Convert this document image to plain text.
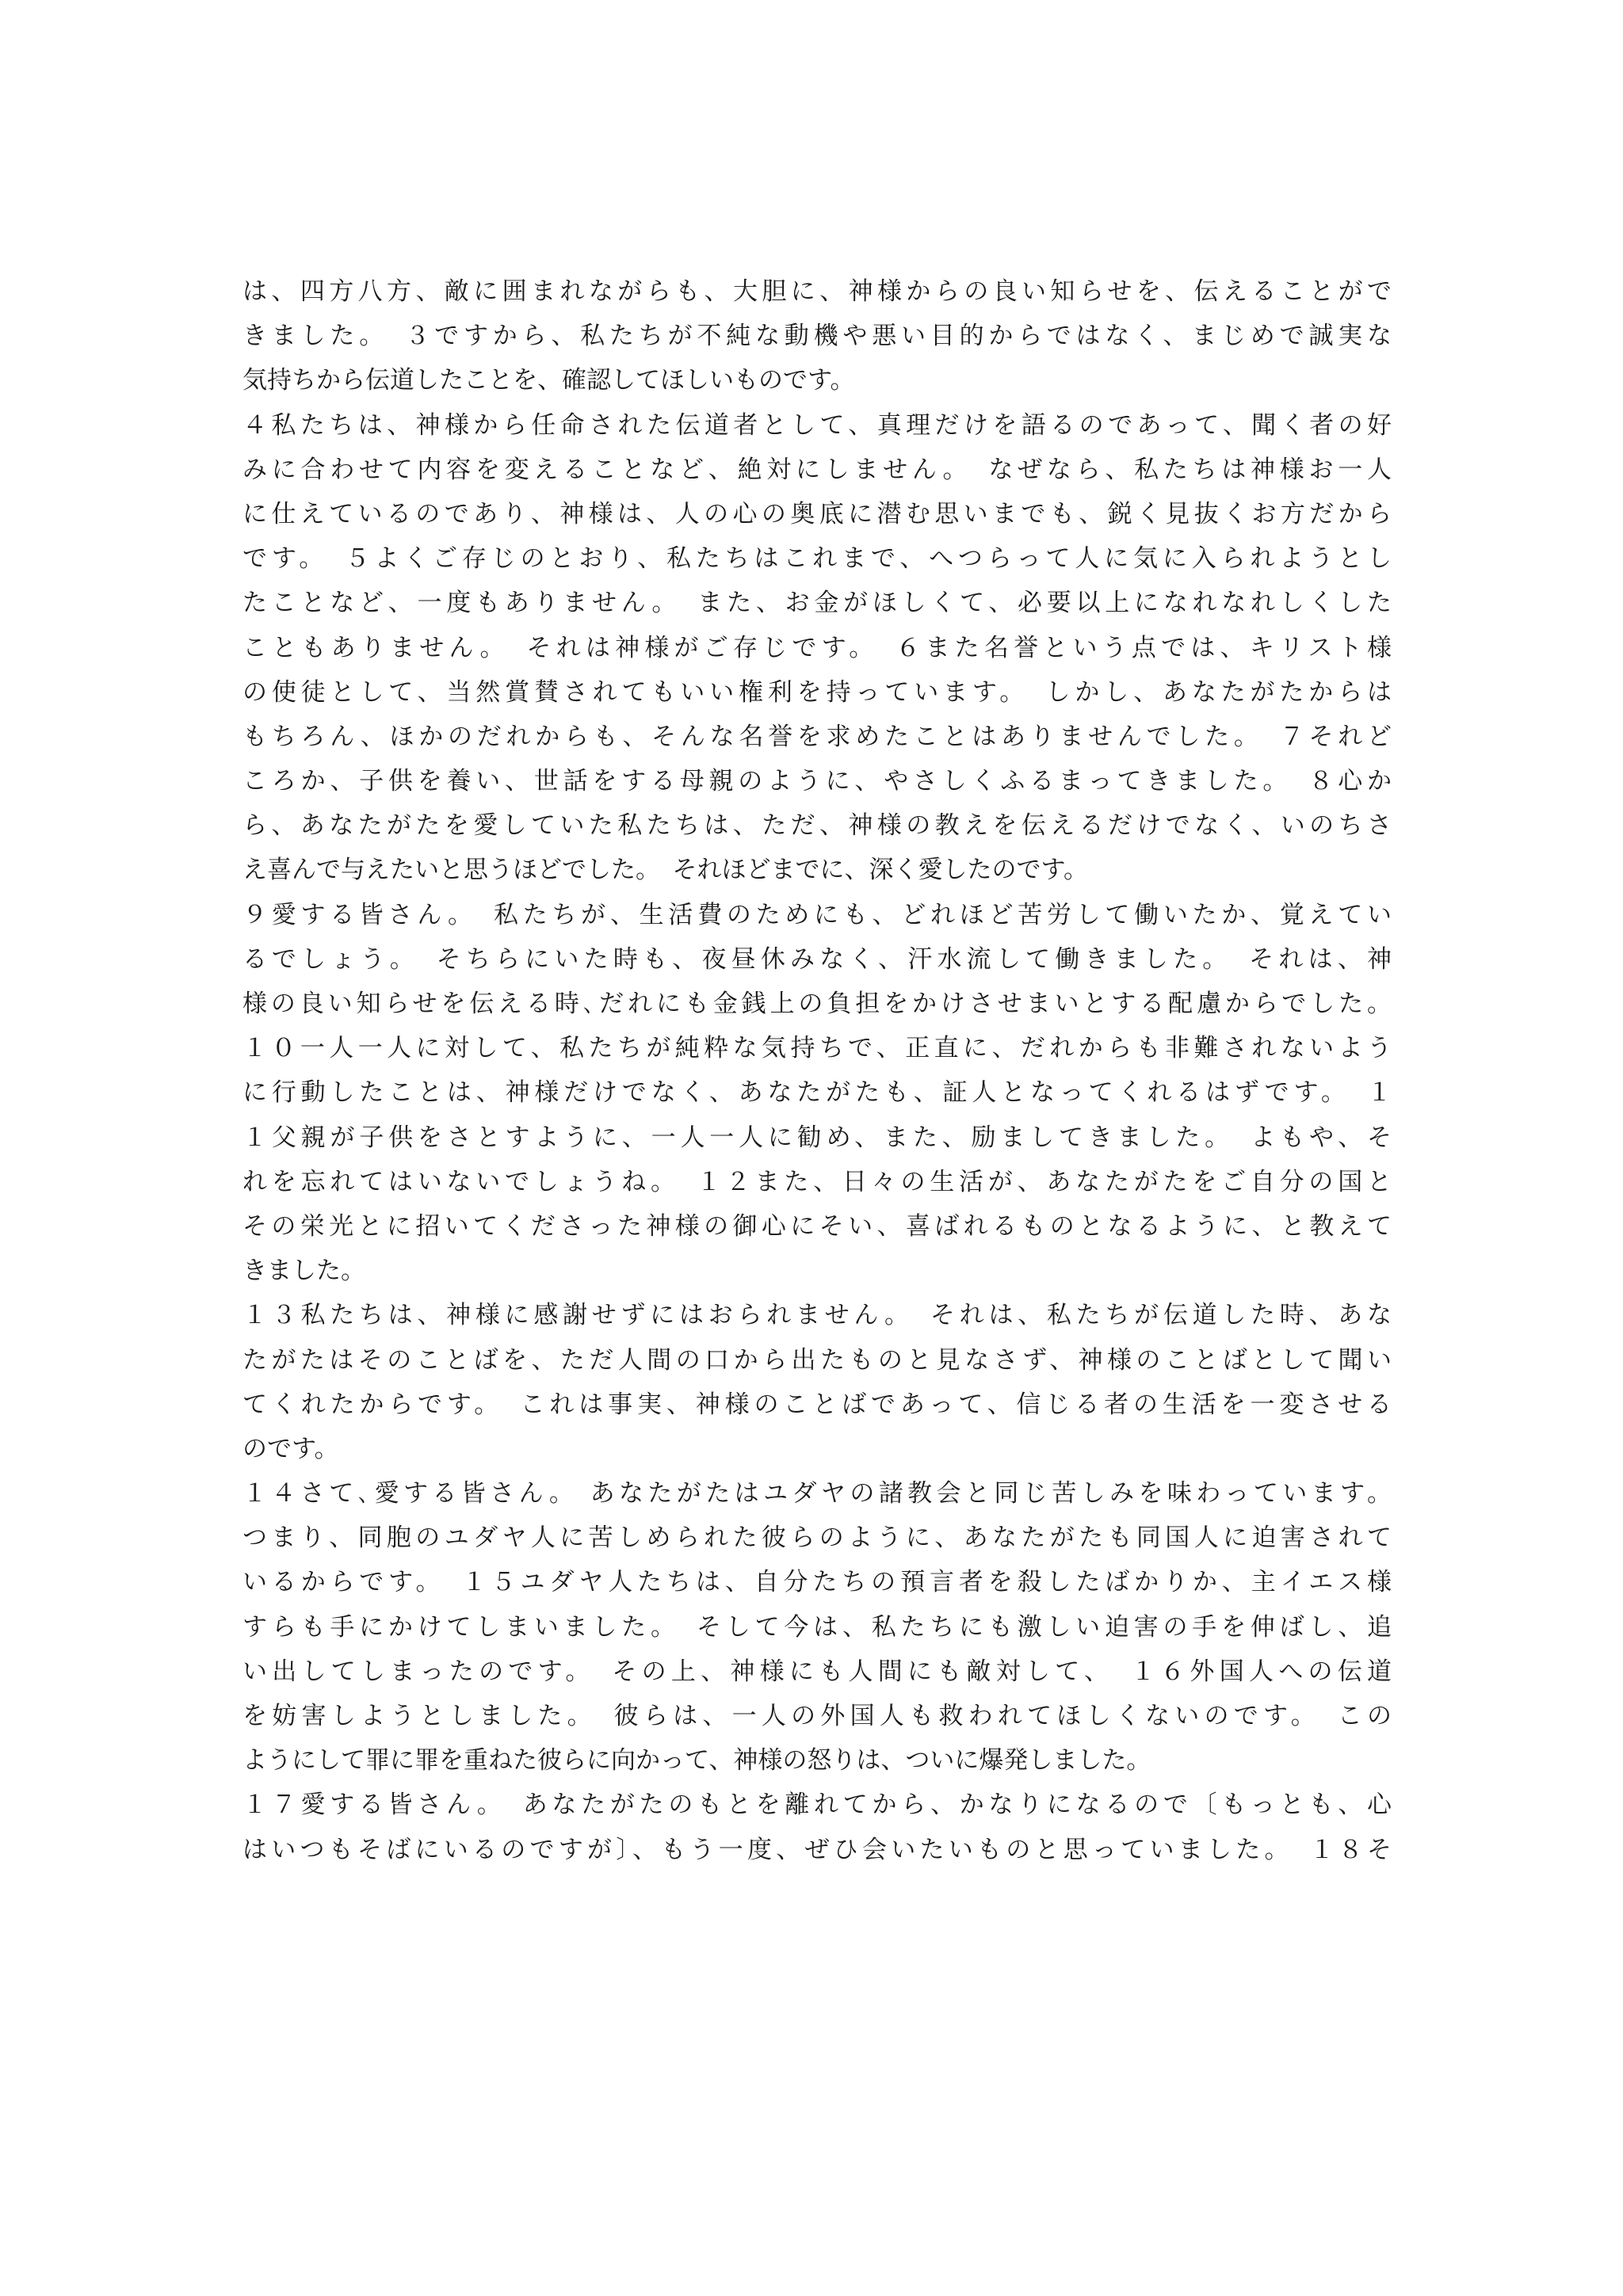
は、四方八方、敵に囲まれながらも、大胆に、神様からの良い知らせを、伝えることがで
きました。　３ですから、私たちが不純な動機や悪い目的からではなく、まじめで誠実な
気持ちから伝道したことを、確認してほしいものです。
４私たちは、神様から任命された伝道者として、真理だけを語るのであって、聞く者の好
みに合わせて内容を変えることなど、絶対にしません。　なぜなら、私たちは神様お一人
に仕えているのであり、神様は、人の心の奥底に潜む思いまでも、鋭く見抜くお方だから
です。　５よくご存じのとおり、私たちはこれまで、へつらって人に気に入られようとし
たことなど、一度もありません。　また、お金がほしくて、必要以上になれなれしくした
こともありません。　それは神様がご存じです。　６また名誉という点では、キリスト様
の使徒として、当然賞賛されてもいい権利を持っています。　しかし、あなたがたからは
もちろん、ほかのだれからも、そんな名誉を求めたことはありませんでした。　７それど
ころか、子供を養い、世話をする母親のように、やさしくふるまってきました。　８心か
ら、あなたがたを愛していた私たちは、ただ、神様の教えを伝えるだけでなく、いのちさ
え喜んで与えたいと思うほどでした。　それほどまでに、深く愛したのです。
９愛する皆さん。　私たちが、生活費のためにも、どれほど苦労して働いたか、覚えてい
るでしょう。　そちらにいた時も、夜昼休みなく、汗水流して働きました。　それは、神
様の良い知らせを伝える時､だれにも金銭上の負担をかけさせまいとする配慮からでした。
１０一人一人に対して、私たちが純粋な気持ちで、正直に、だれからも非難されないよう
に行動したことは、神様だけでなく、あなたがたも、証人となってくれるはずです。　１
１父親が子供をさとすように、一人一人に勧め、また、励ましてきました。　よもや、そ
れを忘れてはいないでしょうね。　１２また、日々の生活が、あなたがたをご自分の国と
その栄光とに招いてくださった神様の御心にそい、喜ばれるものとなるように、と教えて
きました。
１３私たちは、神様に感謝せずにはおられません。　それは、私たちが伝道した時、あな
たがたはそのことばを、ただ人間の口から出たものと見なさず、神様のことばとして聞い
てくれたからです。　これは事実、神様のことばであって、信じる者の生活を一変させる
のです。
１４さて､愛する皆さん。 あなたがたはユダヤの諸教会と同じ苦しみを味わっています。
つまり、同胞のユダヤ人に苦しめられた彼らのように、あなたがたも同国人に迫害されて
いるからです。　１５ユダヤ人たちは、自分たちの預言者を殺したばかりか、主イエス様
すらも手にかけてしまいました。　そして今は、私たちにも激しい迫害の手を伸ばし、追
い出してしまったのです。　その上、神様にも人間にも敵対して、　１６外国人への伝道
を妨害しようとしました。　彼らは、一人の外国人も救われてほしくないのです。　この
ようにして罪に罪を重ねた彼らに向かって、神様の怒りは、ついに爆発しました。
１７愛する皆さん。　あなたがたのもとを離れてから、かなりになるので〔もっとも、心
はいつもそばにいるのですが〕、もう一度、ぜひ会いたいものと思っていました。　１８そ
